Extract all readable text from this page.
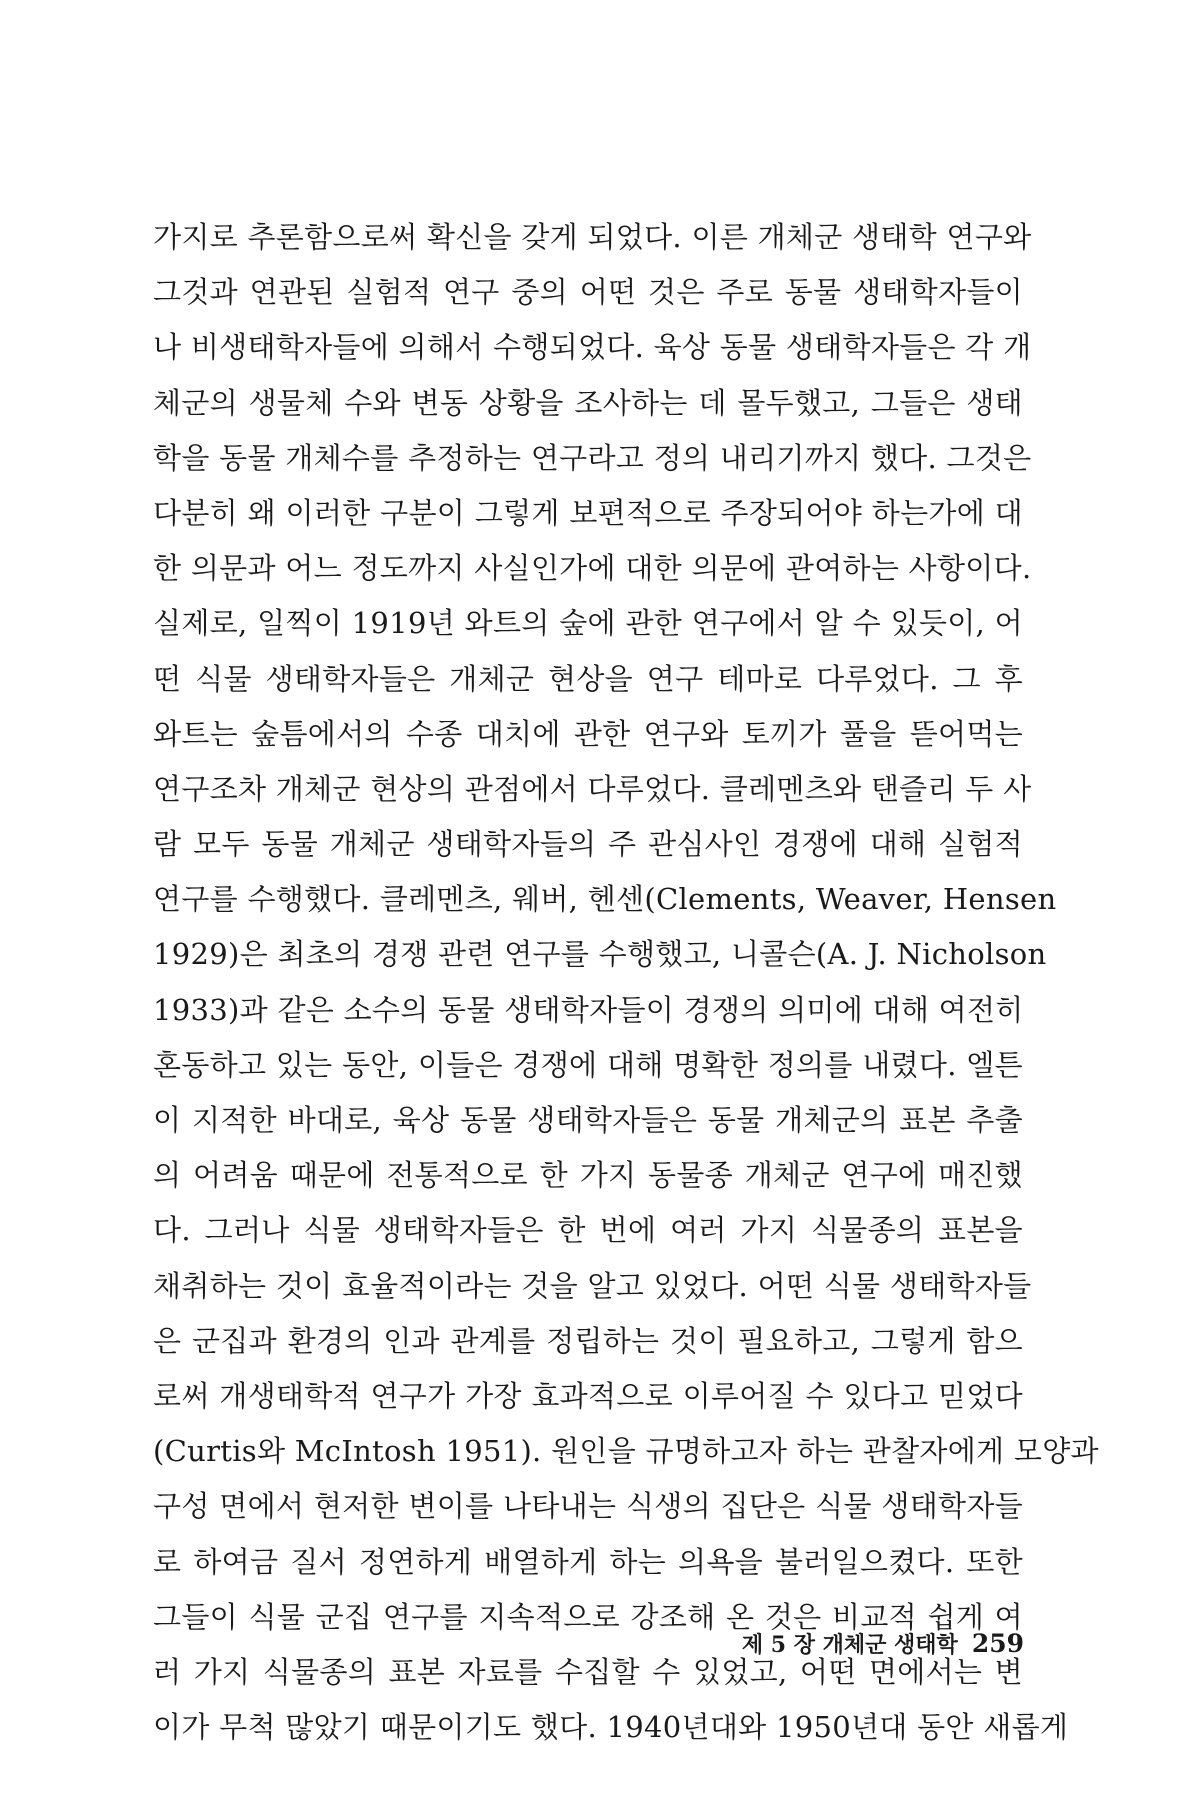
가지로 추론함으로써 확신을 갖게 되었다. 이른 개체군 생태학 연구와
그것과 연관된 실험적 연구 중의 어떤 것은 주로 동물 생태학자들이
나 비생태학자들에 의해서 수행되었다. 육상 동물 생태학자들은 각 개
체군의 생물체 수와 변동 상황을 조사하는 데 몰두했고, 그들은 생태
학을 동물 개체수를 추정하는 연구라고 정의 내리기까지 했다. 그것은
다분히 왜 이러한 구분이 그렇게 보편적으로 주장되어야 하는가에 대
한 의문과 어느 정도까지 사실인가에 대한 의문에 관여하는 사항이다.
실제로, 일찍이 1919년 와트의 숲에 관한 연구에서 알 수 있듯이, 어
떤 식물 생태학자들은 개체군 현상을 연구 테마로 다루었다. 그 후
와트는 숲틈에서의 수종 대치에 관한 연구와 토끼가 풀을 뜯어먹는
연구조차 개체군 현상의 관점에서 다루었다. 클레멘츠와 탠즐리 두 사
람 모두 동물 개체군 생태학자들의 주 관심사인 경쟁에 대해 실험적
연구를 수행했다. 클레멘츠, 웨버, 헨센(Clements, Weaver, Hensen
1929)은 최초의 경쟁 관련 연구를 수행했고, 니콜슨(A. J. Nicholson
1933)과 같은 소수의 동물 생태학자들이 경쟁의 의미에 대해 여전히
혼동하고 있는 동안, 이들은 경쟁에 대해 명확한 정의를 내렸다. 엘튼
이 지적한 바대로, 육상 동물 생태학자들은 동물 개체군의 표본 추출
의 어려움 때문에 전통적으로 한 가지 동물종 개체군 연구에 매진했
다. 그러나 식물 생태학자들은 한 번에 여러 가지 식물종의 표본을
채취하는 것이 효율적이라는 것을 알고 있었다. 어떤 식물 생태학자들
은 군집과 환경의 인과 관계를 정립하는 것이 필요하고, 그렇게 함으
로써 개생태학적 연구가 가장 효과적으로 이루어질 수 있다고 믿었다
(Curtis와 McIntosh 1951). 원인을 규명하고자 하는 관찰자에게 모양과
구성 면에서 현저한 변이를 나타내는 식생의 집단은 식물 생태학자들
로 하여금 질서 정연하게 배열하게 하는 의욕을 불러일으켰다. 또한
그들이 식물 군집 연구를 지속적으로 강조해 온 것은 비교적 쉽게 여
러 가지 식물종의 표본 자료를 수집할 수 있었고, 어떤 면에서는 변
이가 무척 많았기 때문이기도 했다. 1940년대와 1950년대 동안 새롭게
제 5 장 개체군 생태학 259
